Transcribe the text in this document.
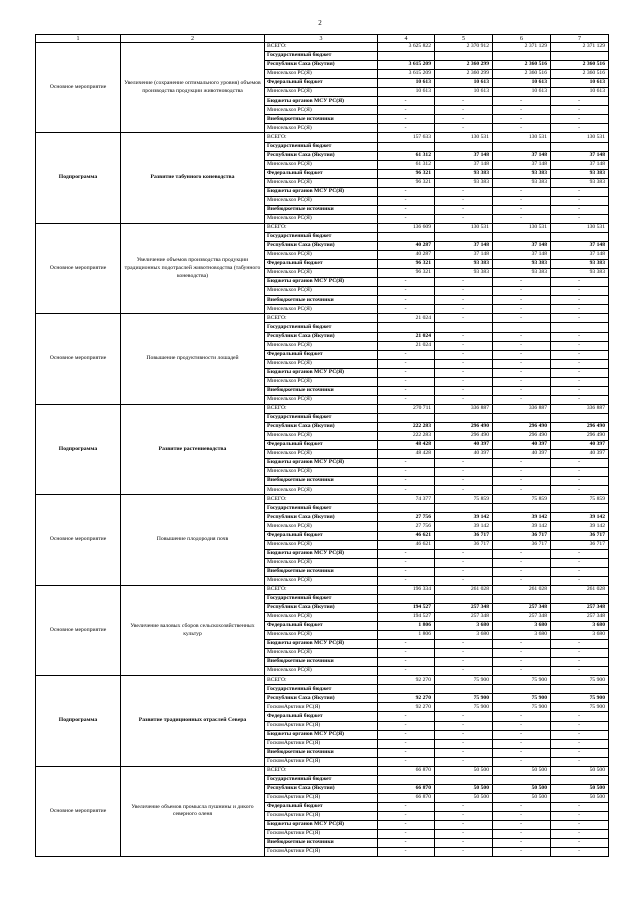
2
1	2	3	4	5	6	7
Основное мероприятие	Увеличение (сохранение оптимального уровня) объемов производства продукции животноводства	ВСЕГО:	3 625 822	2 370 912	2 371 129	2 371 129
		Государственный бюджет				
		Республики Саха (Якутия)	3 615 209	2 360 299	2 360 516	2 360 516
		Минсельхоз РС(Я)	3 615 209	2 360 299	2 360 516	2 360 516
		Федеральный бюджет	10 613	10 613	10 613	10 613
		Минсельхоз РС(Я)	10 613	10 613	10 613	10 613
		Бюджеты органов МСУ РС(Я)	-	-	-	-
		Минсельхоз РС(Я)	-	-	-	-
		Внебюджетные источники	-	-	-	-
		Минсельхоз РС(Я)	-	-	-	-
Подпрограмма	Развитие табунного коневодства	ВСЕГО:	157 633	130 531	130 531	130 531
		Государственный бюджет				
		Республики Саха (Якутия)	61 312	37 148	37 148	37 148
		Минсельхоз РС(Я)	61 312	37 148	37 148	37 148
		Федеральный бюджет	96 321	93 383	93 383	93 383
		Минсельхоз РС(Я)	96 321	93 383	93 383	93 383
		Бюджеты органов МСУ РС(Я)	-	-	-	-
		Минсельхоз РС(Я)	-	-	-	-
		Внебюджетные источники	-	-	-	-
		Минсельхоз РС(Я)	-	-	-	-
Основное мероприятие	Увеличение объемов производства продукции традиционных подотраслей животноводства (табунного коневодства)	ВСЕГО:	136 609	130 531	130 531	130 531
		Государственный бюджет				
		Республики Саха (Якутия)	40 287	37 148	37 148	37 148
		Минсельхоз РС(Я)	40 287	37 148	37 148	37 148
		Федеральный бюджет	96 321	93 383	93 383	93 383
		Минсельхоз РС(Я)	96 321	93 383	93 383	93 383
		Бюджеты органов МСУ РС(Я)	-	-	-	-
		Минсельхоз РС(Я)	-	-	-	-
		Внебюджетные источники	-	-	-	-
		Минсельхоз РС(Я)	-	-	-	-
Основное мероприятие	Повышение продуктивности лошадей	ВСЕГО:	21 024	-	-	-
		Государственный бюджет				
		Республики Саха (Якутия)	21 024	-	-	-
		Минсельхоз РС(Я)	21 024	-	-	-
		Федеральный бюджет	-	-	-	-
		Минсельхоз РС(Я)	-	-	-	-
		Бюджеты органов МСУ РС(Я)	-	-	-	-
		Минсельхоз РС(Я)	-	-	-	-
		Внебюджетные источники	-	-	-	-
		Минсельхоз РС(Я)	-	-	-	-
Подпрограмма	Развитие растениеводства	ВСЕГО:	270 711	336 887	336 887	336 887
		Государственный бюджет				
		Республики Саха (Якутия)	222 283	296 490	296 490	296 490
		Минсельхоз РС(Я)	222 283	296 490	296 490	296 490
		Федеральный бюджет	48 428	40 397	40 397	40 397
		Минсельхоз РС(Я)	48 428	40 397	40 397	40 397
		Бюджеты органов МСУ РС(Я)	-	-	-	-
		Минсельхоз РС(Я)	-	-	-	-
		Внебюджетные источники	-	-	-	-
		Минсельхоз РС(Я)	-	-	-	-
Основное мероприятие	Повышение плодородия почв	ВСЕГО:	74 377	75 859	75 859	75 859
		Государственный бюджет				
		Республики Саха (Якутия)	27 756	39 142	39 142	39 142
		Минсельхоз РС(Я)	27 756	39 142	39 142	39 142
		Федеральный бюджет	46 621	36 717	36 717	36 717
		Минсельхоз РС(Я)	46 621	36 717	36 717	36 717
		Бюджеты органов МСУ РС(Я)	-	-	-	-
		Минсельхоз РС(Я)	-	-	-	-
		Внебюджетные источники	-	-	-	-
		Минсельхоз РС(Я)	-	-	-	-
Основное мероприятие	Увеличение валовых сборов сельскохозяйственных культур	ВСЕГО:	196 334	261 028	261 028	261 028
		Государственный бюджет				
		Республики Саха (Якутия)	194 527	257 348	257 348	257 348
		Минсельхоз РС(Я)	194 527	257 348	257 348	257 348
		Федеральный бюджет	1 806	3 680	3 680	3 680
		Минсельхоз РС(Я)	1 806	3 680	3 680	3 680
		Бюджеты органов МСУ РС(Я)	-	-	-	-
		Минсельхоз РС(Я)	-	-	-	-
		Внебюджетные источники	-	-	-	-
		Минсельхоз РС(Я)	-	-	-	-
Подпрограмма	Развитие традиционных отраслей Севера	ВСЕГО:	92 270	75 900	75 900	75 900
		Государственный бюджет				
		Республики Саха (Якутия)	92 270	75 900	75 900	75 900
		ГоскомАрктики РС(Я)	92 270	75 900	75 900	75 900
		Федеральный бюджет	-	-	-	-
		ГоскомАрктики РС(Я)	-	-	-	-
		Бюджеты органов МСУ РС(Я)	-	-	-	-
		ГоскомАрктики РС(Я)	-	-	-	-
		Внебюджетные источники	-	-	-	-
		ГоскомАрктики РС(Я)	-	-	-	-
Основное мероприятие	Увеличение объемов промысла пушнины и дикого северного оленя	ВСЕГО:	66 870	50 500	50 500	50 500
		Государственный бюджет				
		Республики Саха (Якутия)	66 870	50 500	50 500	50 500
		ГоскомАрктики РС(Я)	66 870	50 500	50 500	50 500
		Федеральный бюджет	-	-	-	-
		ГоскомАрктики РС(Я)	-	-	-	-
		Бюджеты органов МСУ РС(Я)	-	-	-	-
		ГоскомАрктики РС(Я)	-	-	-	-
		Внебюджетные источники	-	-	-	-
		ГоскомАрктики РС(Я)	-	-	-	-
